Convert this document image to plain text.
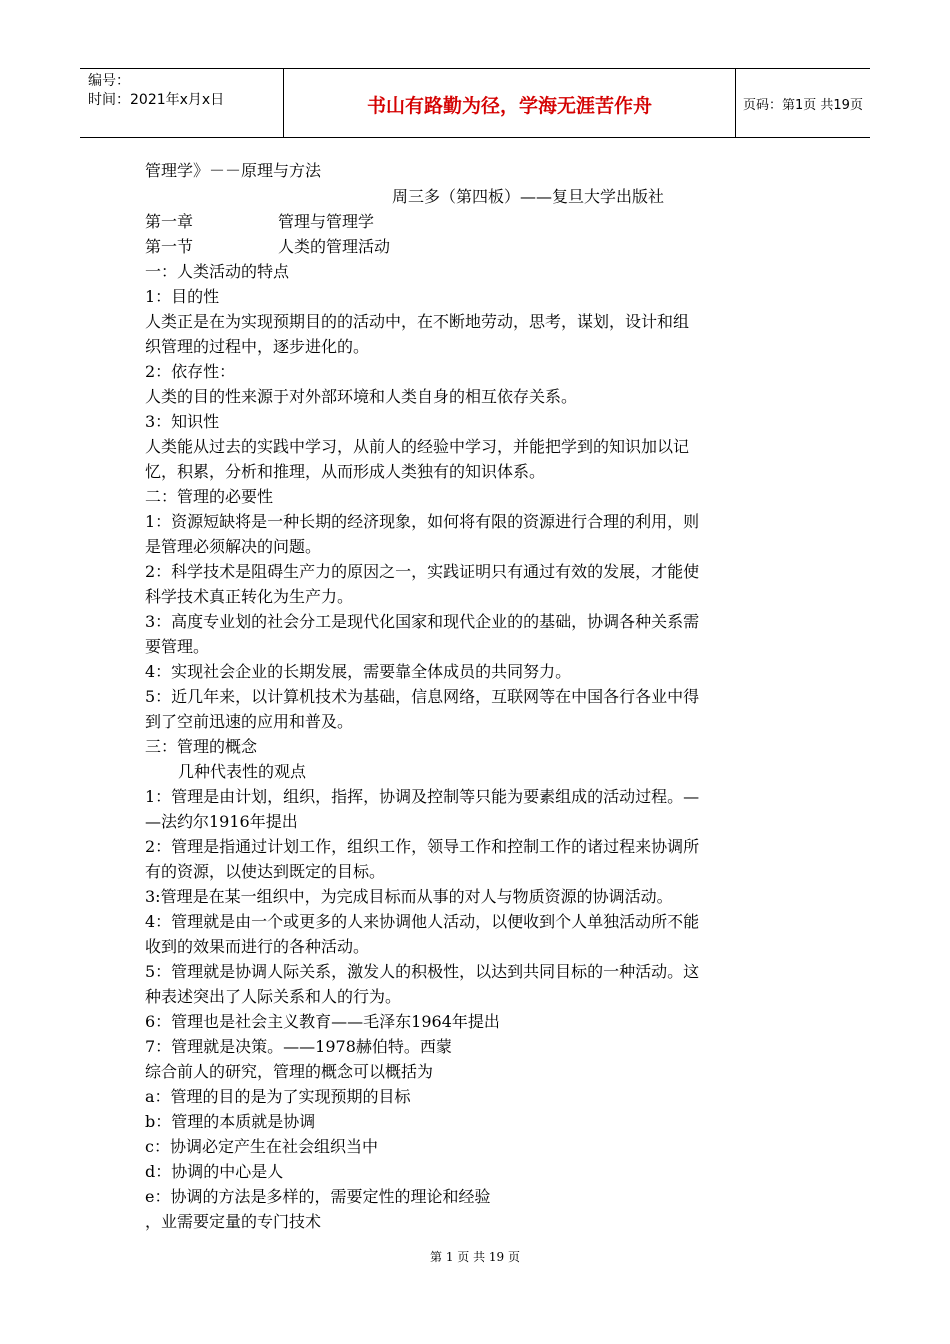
编号：
时间：2021年x月x日	书山有路勤为径，学海无涯苦作舟	页码：第1页 共19页
管理学》－－原理与方法
周三多（第四板）——复旦大学出版社
第一章	管理与管理学
第一节	人类的管理活动
一：人类活动的特点
1：目的性
人类正是在为实现预期目的的活动中，在不断地劳动，思考，谋划，设计和组
织管理的过程中，逐步进化的。
2：依存性：
人类的目的性来源于对外部环境和人类自身的相互依存关系。
3：知识性
人类能从过去的实践中学习，从前人的经验中学习，并能把学到的知识加以记
忆，积累，分析和推理，从而形成人类独有的知识体系。
二：管理的必要性
1：资源短缺将是一种长期的经济现象，如何将有限的资源进行合理的利用，则
是管理必须解决的问题。
2：科学技术是阻碍生产力的原因之一，实践证明只有通过有效的发展，才能使
科学技术真正转化为生产力。
3：高度专业划的社会分工是现代化国家和现代企业的的基础，协调各种关系需
要管理。
4：实现社会企业的长期发展，需要靠全体成员的共同努力。
5：近几年来，以计算机技术为基础，信息网络，互联网等在中国各行各业中得
到了空前迅速的应用和普及。
三：管理的概念
几种代表性的观点
1：管理是由计划，组织，指挥，协调及控制等只能为要素组成的活动过程。—
—法约尔1916年提出
2：管理是指通过计划工作，组织工作，领导工作和控制工作的诸过程来协调所
有的资源，以使达到既定的目标。
3:管理是在某一组织中，为完成目标而从事的对人与物质资源的协调活动。
4：管理就是由一个或更多的人来协调他人活动，以便收到个人单独活动所不能
收到的效果而进行的各种活动。
5：管理就是协调人际关系，激发人的积极性，以达到共同目标的一种活动。这
种表述突出了人际关系和人的行为。
6：管理也是社会主义教育——毛泽东1964年提出
7：管理就是决策。——1978赫伯特。西蒙
综合前人的研究，管理的概念可以概括为
a：管理的目的是为了实现预期的目标
b：管理的本质就是协调
c：协调必定产生在社会组织当中
d：协调的中心是人
e：协调的方法是多样的，需要定性的理论和经验
，业需要定量的专门技术
第 1 页 共 19 页
